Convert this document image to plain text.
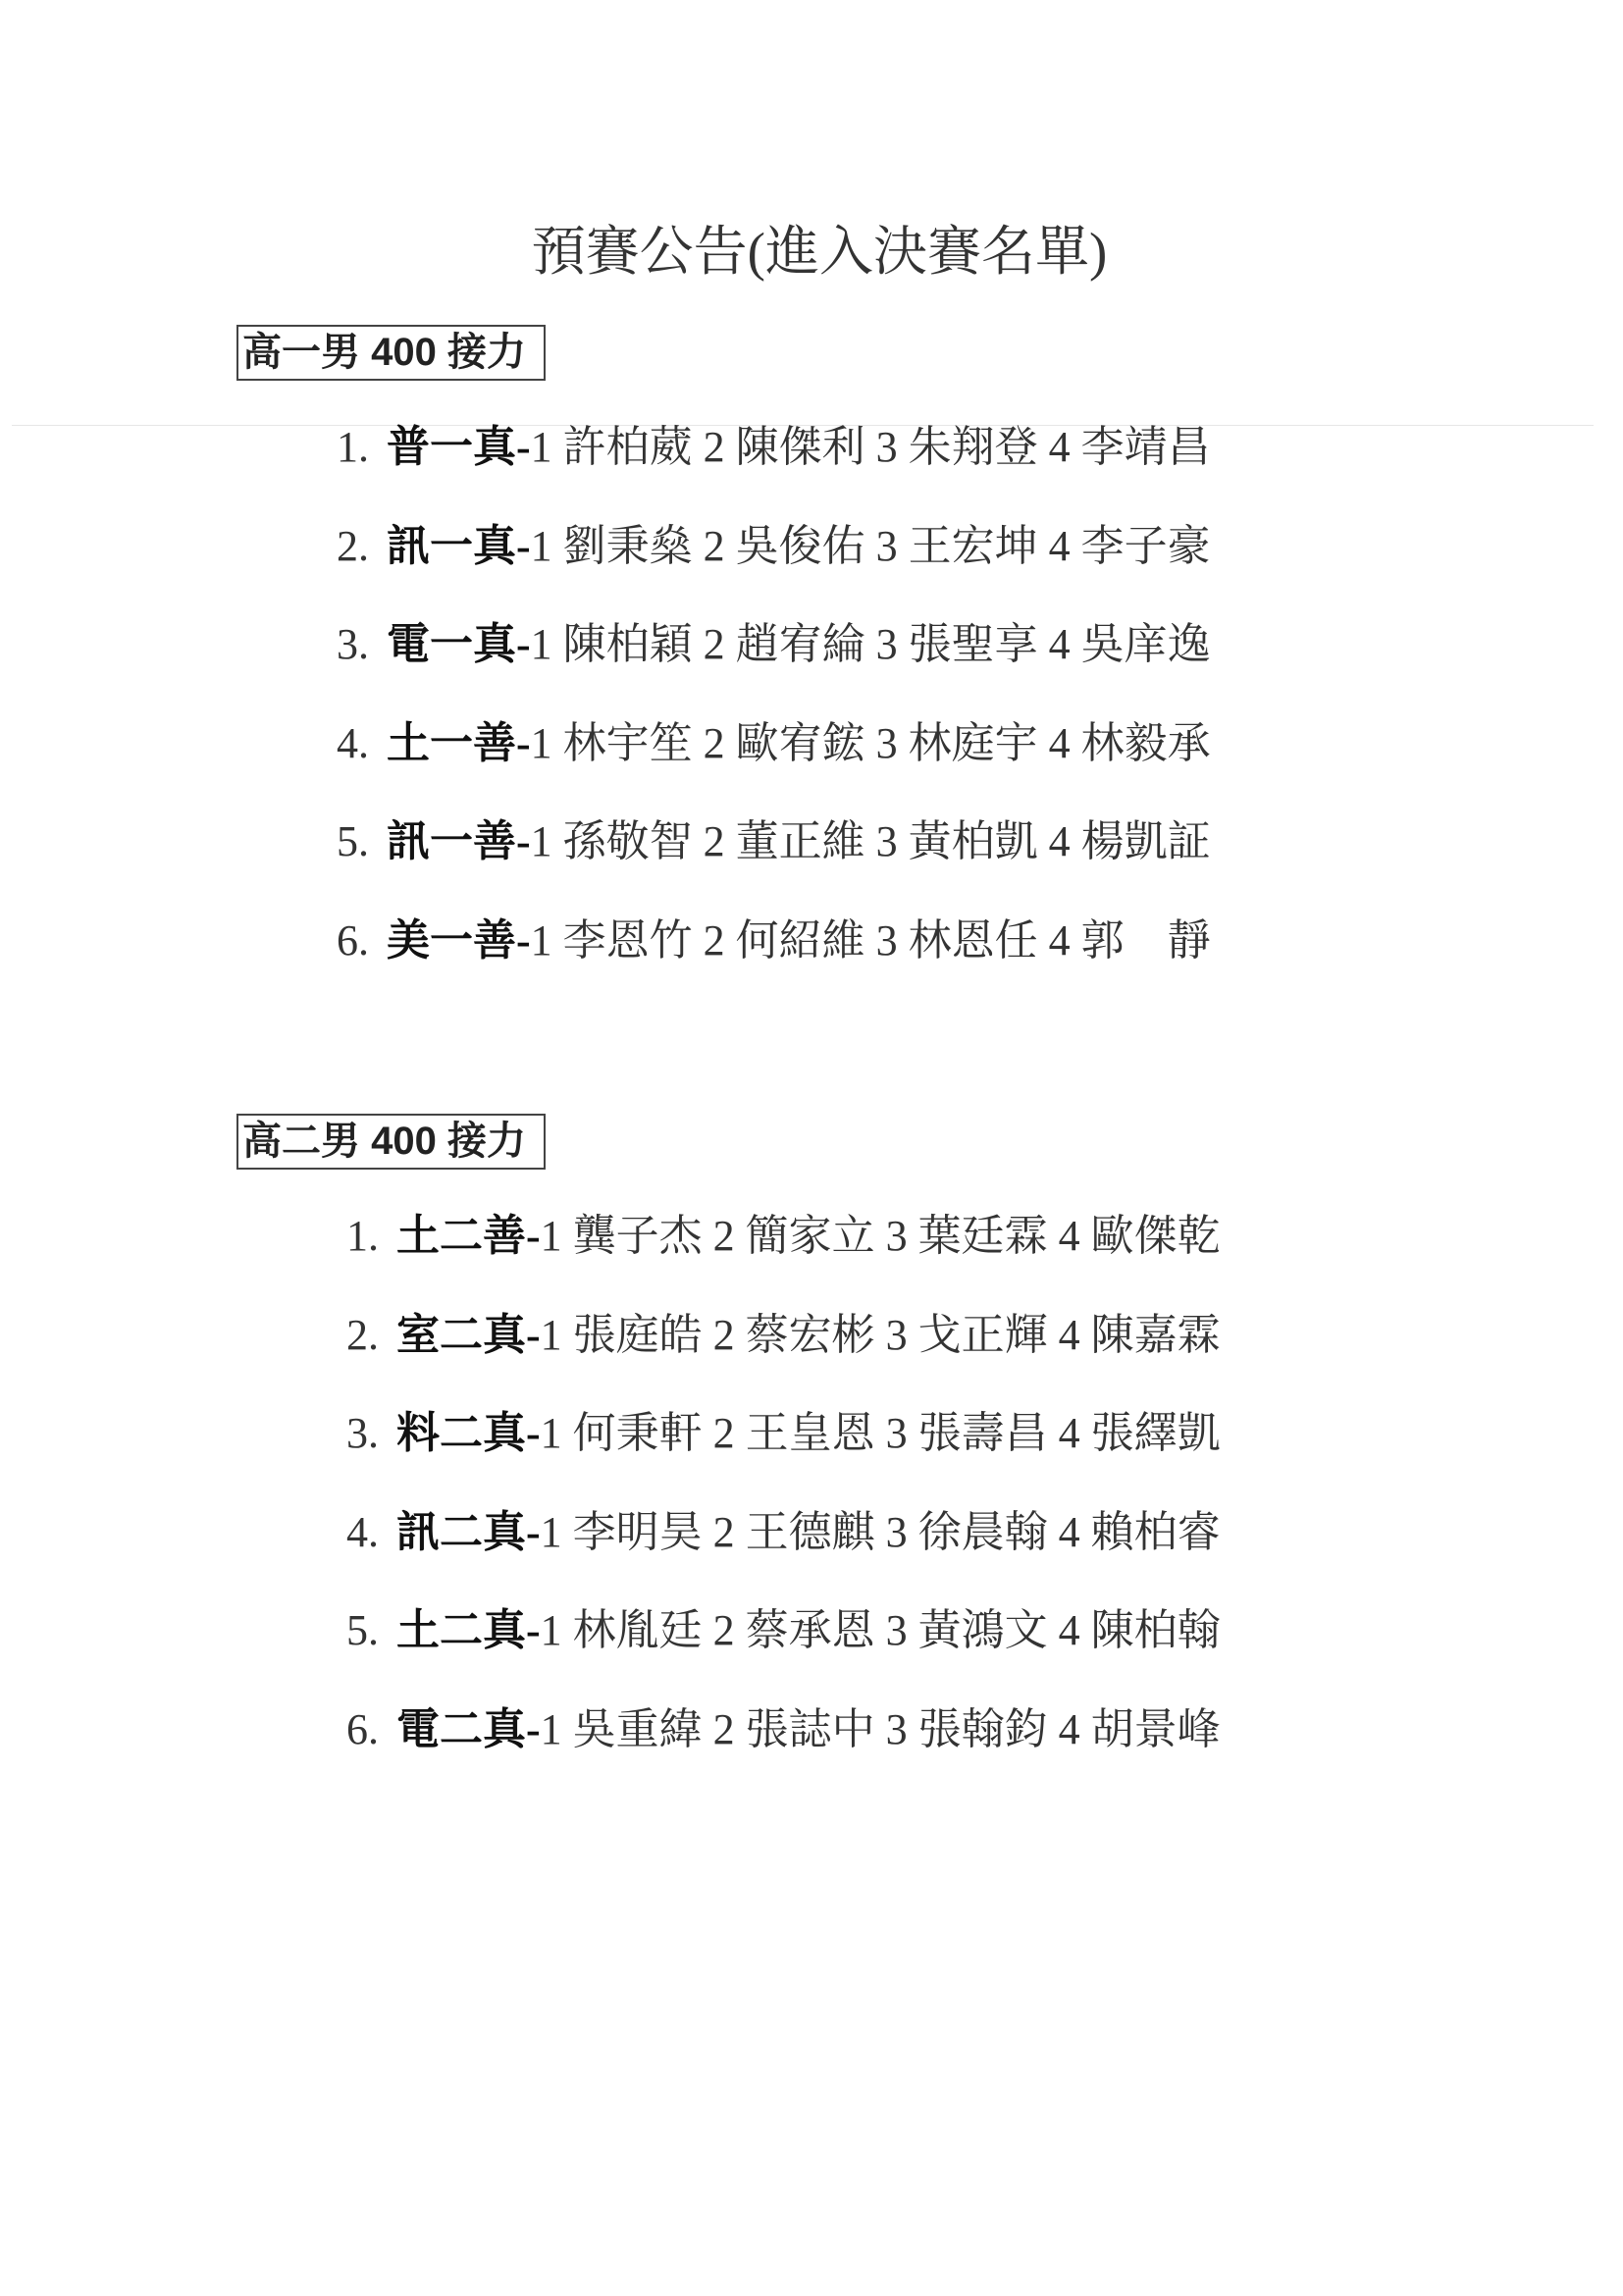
預賽公告(進入決賽名單)
高一男 400 接力
1. 普一真-1 許柏葳 2 陳傑利 3 朱翔登 4 李靖昌
2. 訊一真-1 劉秉燊 2 吳俊佑 3 王宏坤 4 李子豪
3. 電一真-1 陳柏穎 2 趙宥綸 3 張聖享 4 吳庠逸
4. 土一善-1 林宇笙 2 歐宥鋐 3 林庭宇 4 林毅承
5. 訊一善-1 孫敬智 2 董正維 3 黃柏凱 4 楊凱証
6. 美一善-1 李恩竹 2 何紹維 3 林恩任 4 郭　靜
高二男 400 接力
1. 土二善-1 龔子杰 2 簡家立 3 葉廷霖 4 歐傑乾
2. 室二真-1 張庭皓 2 蔡宏彬 3 戈正輝 4 陳嘉霖
3. 料二真-1 何秉軒 2 王皇恩 3 張壽昌 4 張繹凱
4. 訊二真-1 李明昊 2 王德麒 3 徐晨翰 4 賴柏睿
5. 土二真-1 林胤廷 2 蔡承恩 3 黃鴻文 4 陳柏翰
6. 電二真-1 吳重緯 2 張誌中 3 張翰鈞 4 胡景峰
